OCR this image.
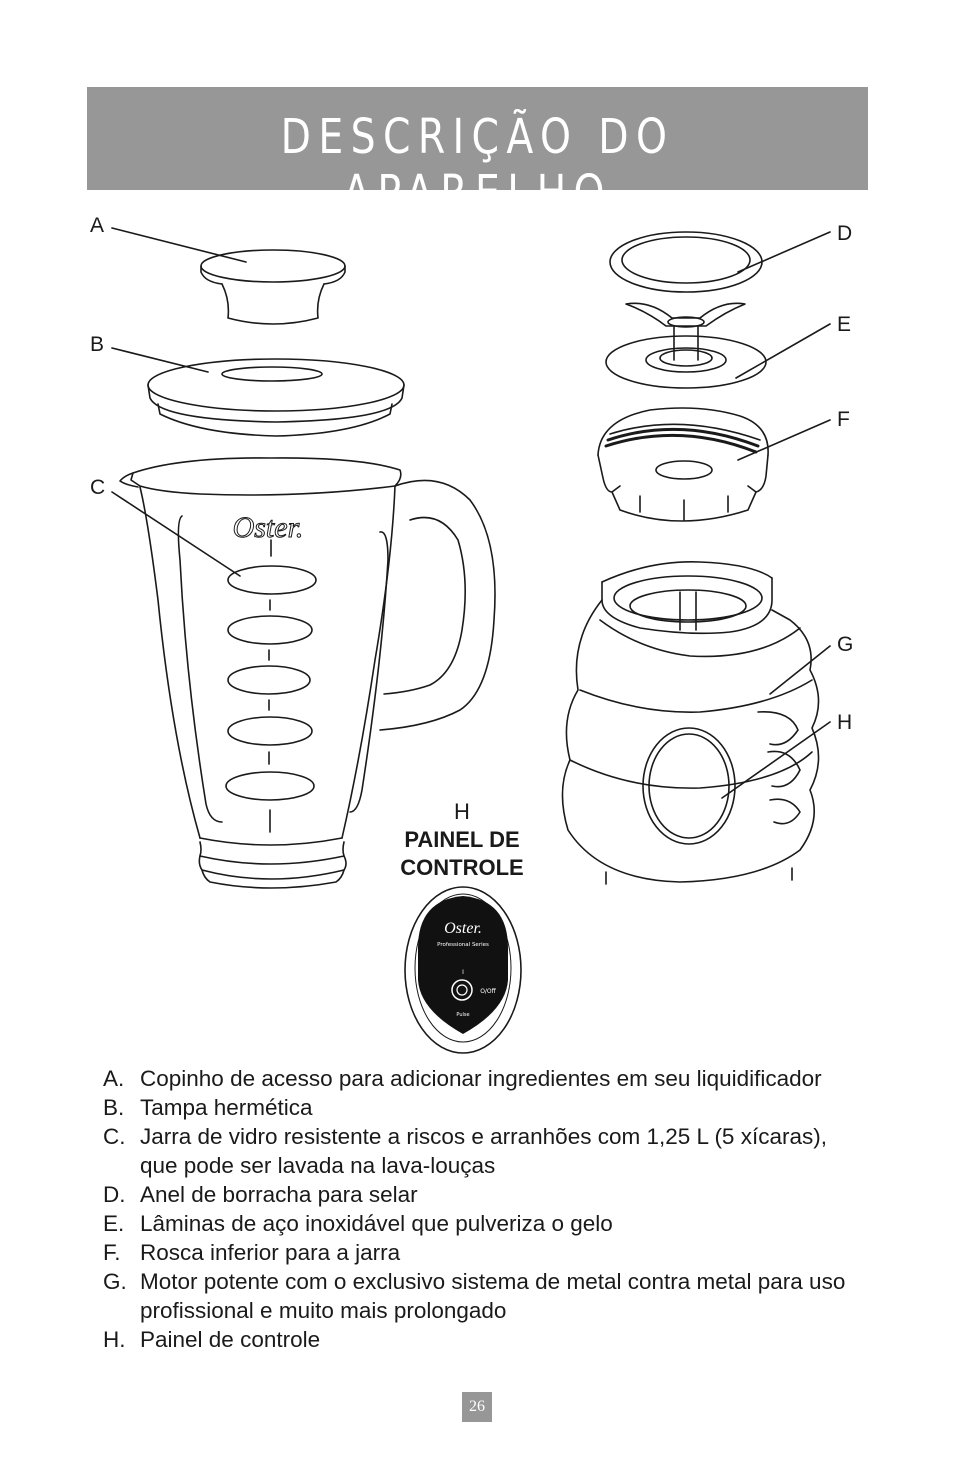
DESCRIÇÃO DO APARELHO
Oster.
Oster.
Professional Series
I
O/Off
Pulse
A
B
C
D
E
F
G
H
H
PAINEL DE
CONTROLE
A. Copinho de acesso para adicionar ingredientes em seu liquidificador
B. Tampa hermética
C. Jarra de vidro resistente a riscos e arranhões com 1,25 L (5 xícaras), que pode ser lavada na lava-louças
D. Anel de borracha para selar
E. Lâminas de aço inoxidável que pulveriza o gelo
F. Rosca inferior para a jarra
G. Motor potente com o exclusivo sistema de metal contra metal para uso profissional e muito mais prolongado
H. Painel de controle
26
